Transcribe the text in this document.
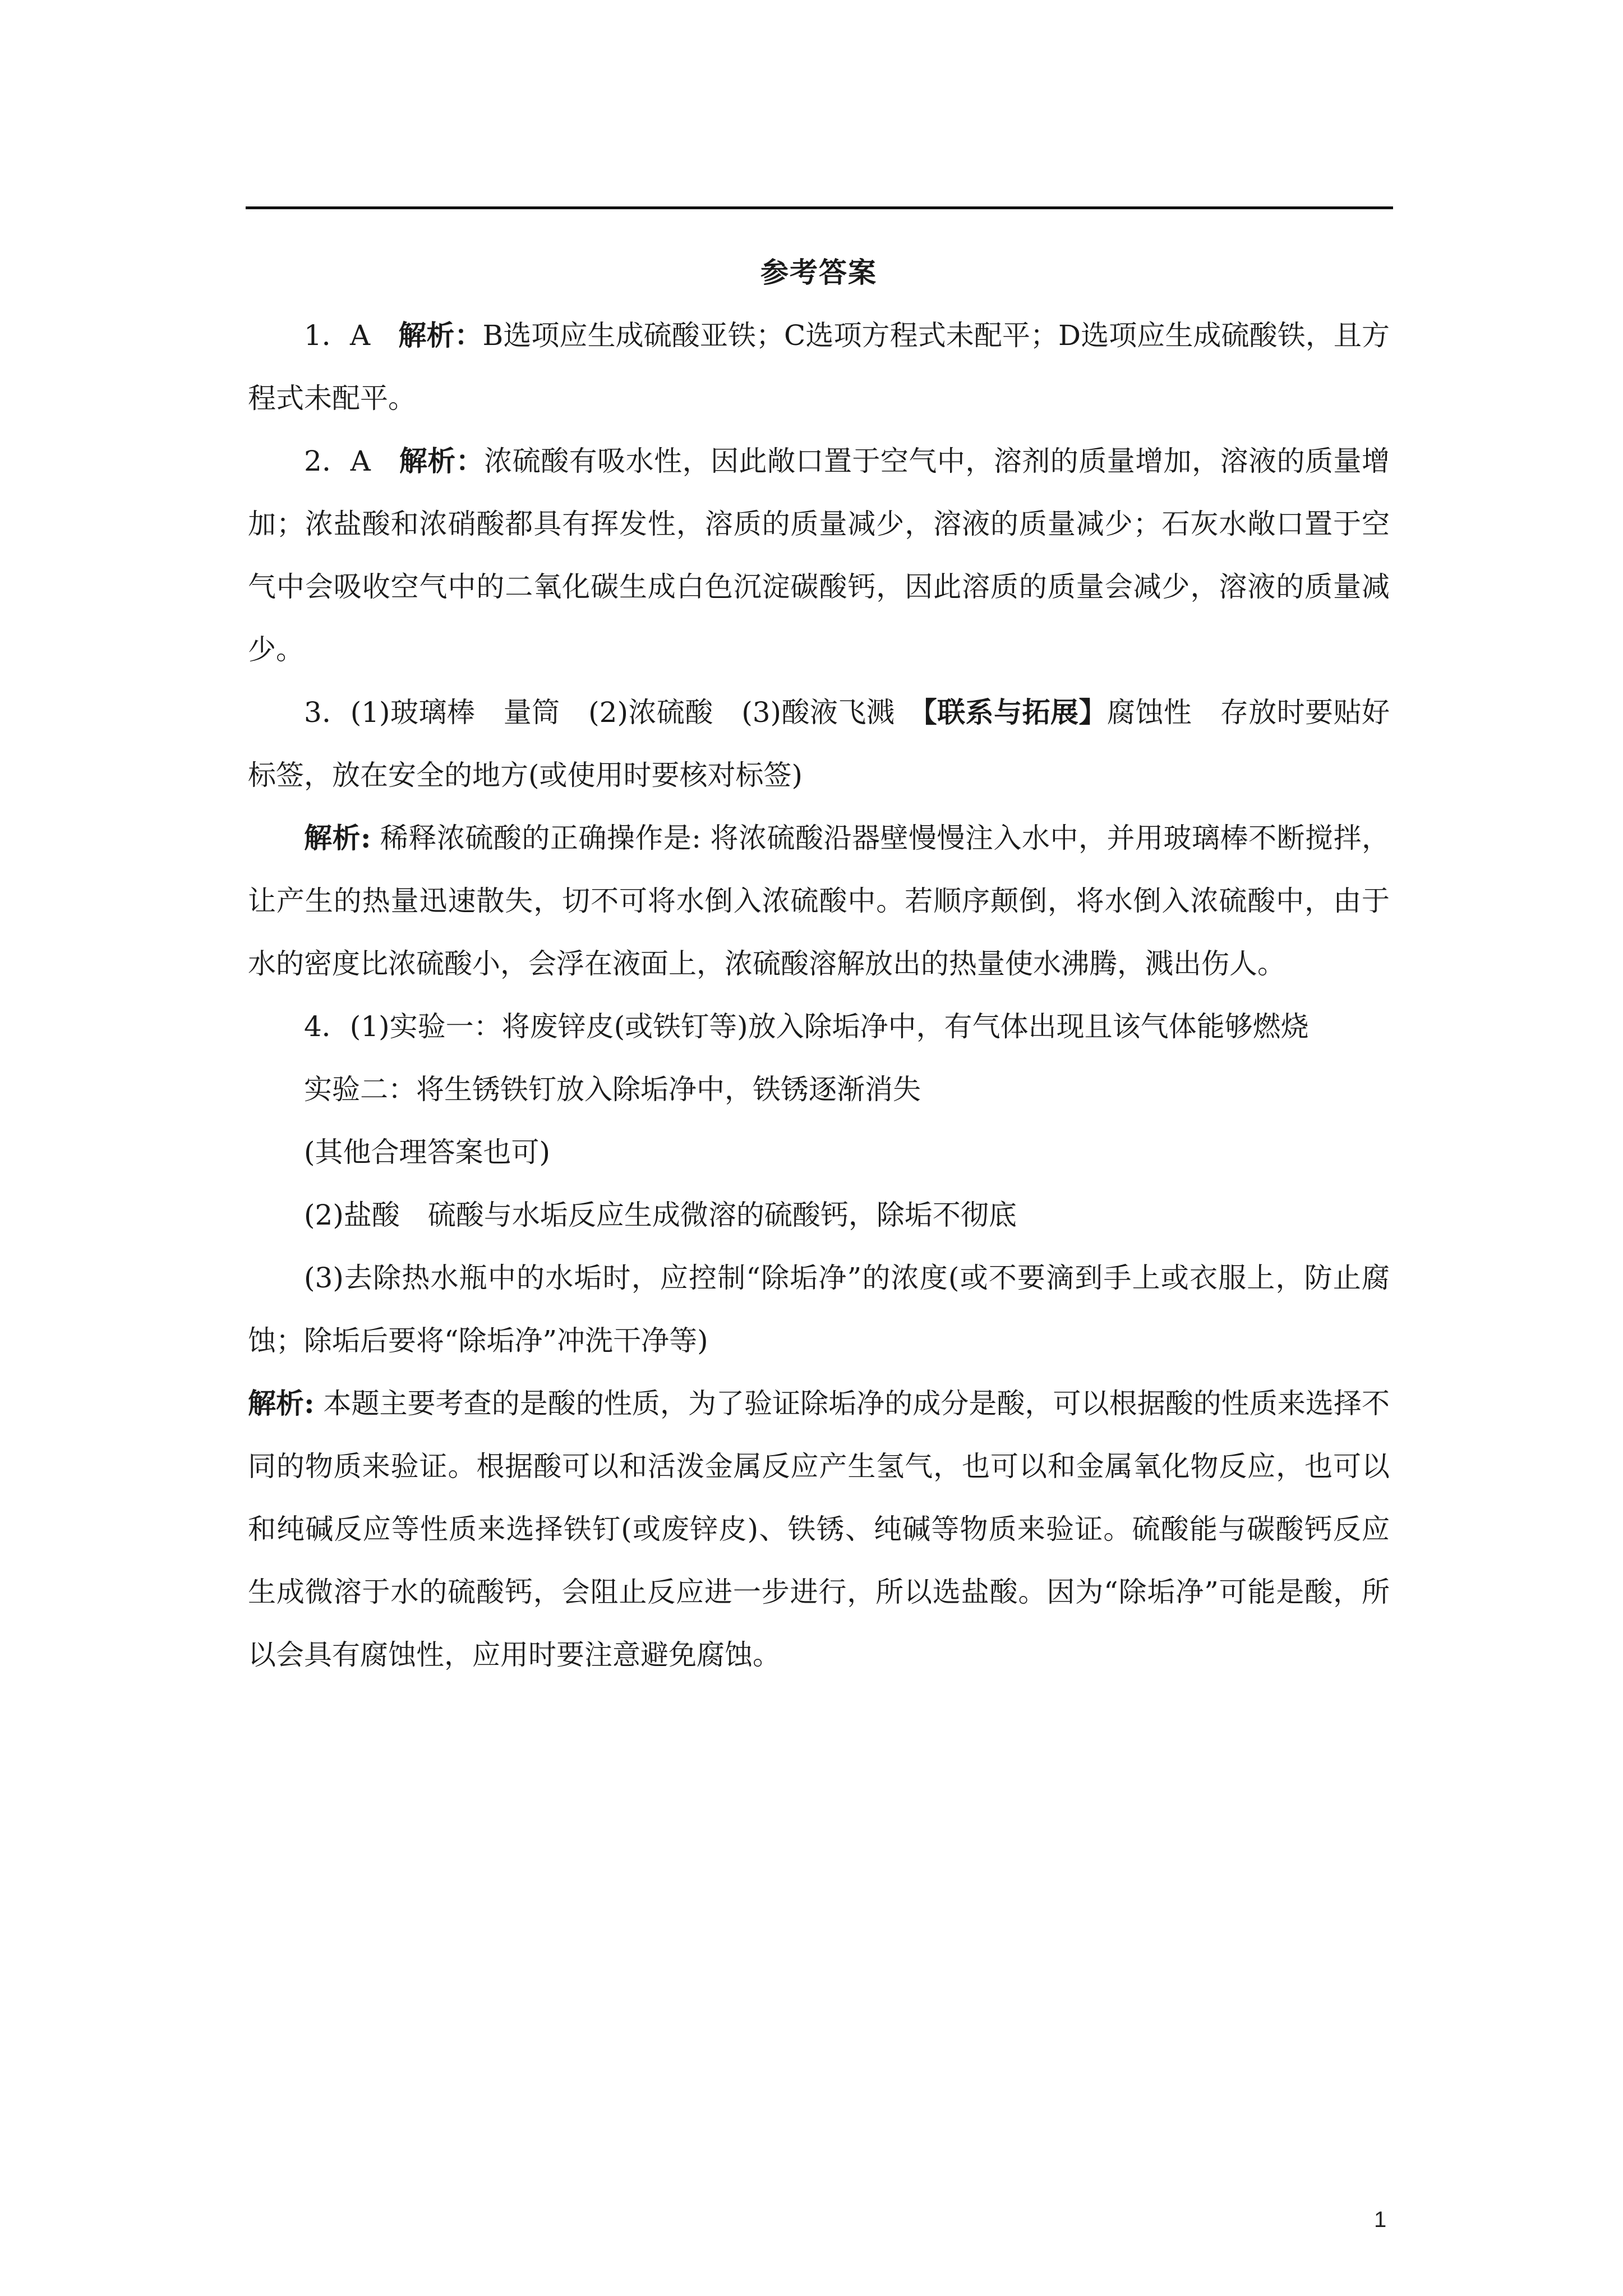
参考答案

1．A　解析：B选项应生成硫酸亚铁；C选项方程式未配平；D选项应生成硫酸铁，且方程式未配平。

2．A　解析：浓硫酸有吸水性，因此敞口置于空气中，溶剂的质量增加，溶液的质量增加；浓盐酸和浓硝酸都具有挥发性，溶质的质量减少，溶液的质量减少；石灰水敞口置于空气中会吸收空气中的二氧化碳生成白色沉淀碳酸钙，因此溶质的质量会减少，溶液的质量减少。

3．(1)玻璃棒　量筒　(2)浓硫酸　(3)酸液飞溅　【联系与拓展】腐蚀性　存放时要贴好标签，放在安全的地方(或使用时要核对标签)

解析: 稀释浓硫酸的正确操作是: 将浓硫酸沿器壁慢慢注入水中，并用玻璃棒不断搅拌，让产生的热量迅速散失，切不可将水倒入浓硫酸中。若顺序颠倒，将水倒入浓硫酸中，由于水的密度比浓硫酸小，会浮在液面上，浓硫酸溶解放出的热量使水沸腾，溅出伤人。

4．(1)实验一：将废锌皮(或铁钉等)放入除垢净中，有气体出现且该气体能够燃烧

实验二：将生锈铁钉放入除垢净中，铁锈逐渐消失

(其他合理答案也可)

(2)盐酸　硫酸与水垢反应生成微溶的硫酸钙，除垢不彻底

(3)去除热水瓶中的水垢时，应控制“除垢净”的浓度(或不要滴到手上或衣服上，防止腐蚀；除垢后要将“除垢净”冲洗干净等)

解析: 本题主要考查的是酸的性质，为了验证除垢净的成分是酸，可以根据酸的性质来选择不同的物质来验证。根据酸可以和活泼金属反应产生氢气，也可以和金属氧化物反应，也可以和纯碱反应等性质来选择铁钉(或废锌皮)、铁锈、纯碱等物质来验证。硫酸能与碳酸钙反应生成微溶于水的硫酸钙，会阻止反应进一步进行，所以选盐酸。因为“除垢净”可能是酸，所以会具有腐蚀性，应用时要注意避免腐蚀。

1
